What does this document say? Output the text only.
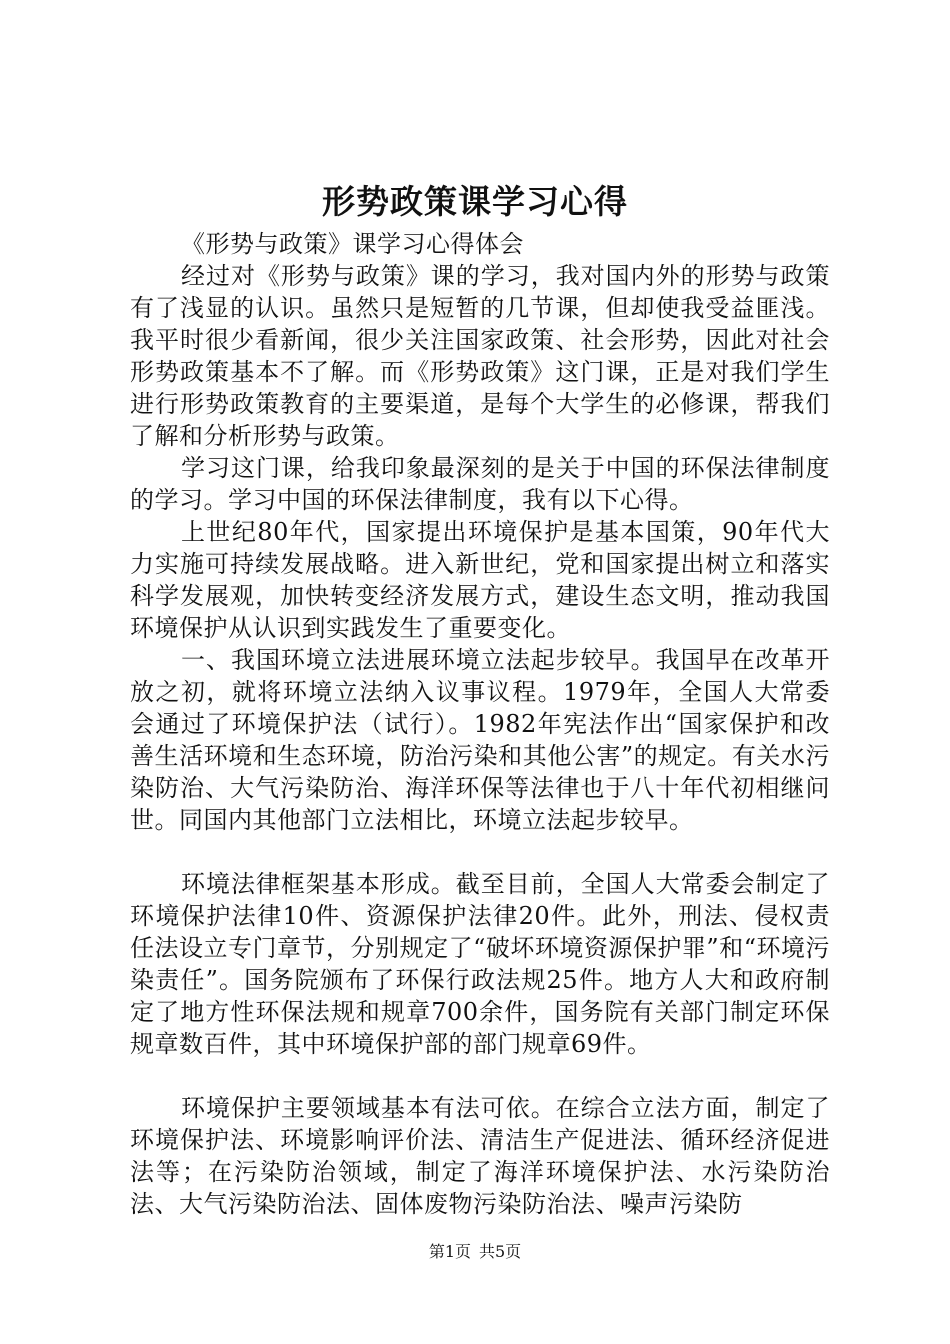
形势政策课学习心得

《形势与政策》课学习心得体会

经过对《形势与政策》课的学习，我对国内外的形势与政策有了浅显的认识。虽然只是短暂的几节课，但却使我受益匪浅。我平时很少看新闻，很少关注国家政策、社会形势，因此对社会形势政策基本不了解。而《形势政策》这门课，正是对我们学生进行形势政策教育的主要渠道，是每个大学生的必修课，帮我们了解和分析形势与政策。

学习这门课，给我印象最深刻的是关于中国的环保法律制度的学习。学习中国的环保法律制度，我有以下心得。

上世纪80年代，国家提出环境保护是基本国策，90年代大力实施可持续发展战略。进入新世纪，党和国家提出树立和落实科学发展观，加快转变经济发展方式，建设生态文明，推动我国环境保护从认识到实践发生了重要变化。

一、我国环境立法进展环境立法起步较早。我国早在改革开放之初，就将环境立法纳入议事议程。1979年，全国人大常委会通过了环境保护法（试行）。1982年宪法作出“国家保护和改善生活环境和生态环境，防治污染和其他公害”的规定。有关水污染防治、大气污染防治、海洋环保等法律也于八十年代初相继问世。同国内其他部门立法相比，环境立法起步较早。

环境法律框架基本形成。截至目前，全国人大常委会制定了环境保护法律10件、资源保护法律20件。此外，刑法、侵权责任法设立专门章节，分别规定了“破坏环境资源保护罪”和“环境污染责任”。国务院颁布了环保行政法规25件。地方人大和政府制定了地方性环保法规和规章700余件，国务院有关部门制定环保规章数百件，其中环境保护部的部门规章69件。

环境保护主要领域基本有法可依。在综合立法方面，制定了环境保护法、环境影响评价法、清洁生产促进法、循环经济促进法等；在污染防治领域，制定了海洋环境保护法、水污染防治法、大气污染防治法、固体废物污染防治法、噪声污染防

第1页 共5页
